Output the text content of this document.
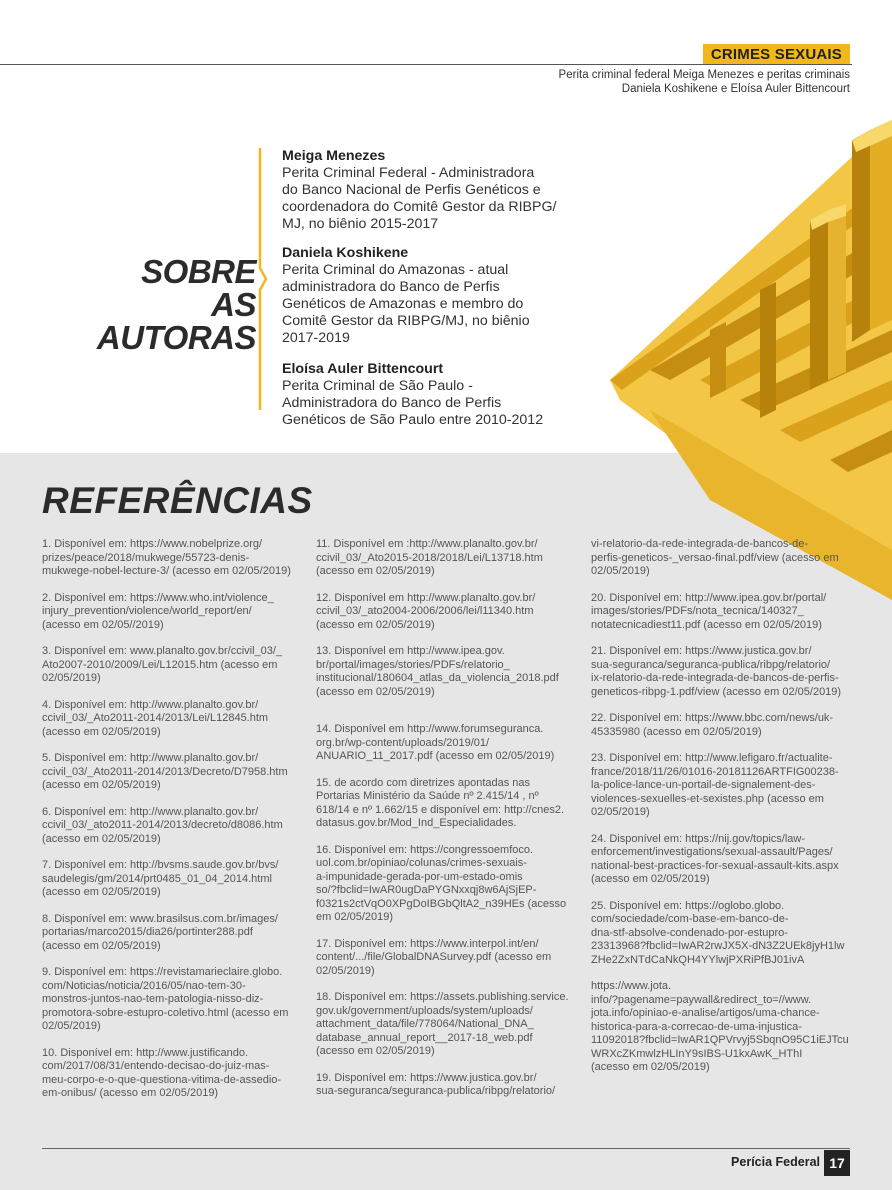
CRIMES SEXUAIS
Perita criminal federal Meiga Menezes e peritas criminais
Daniela Koshikene e Eloísa Auler Bittencourt
SOBRE AS
AUTORAS
Meiga Menezes
Perita Criminal Federal - Administradora
do Banco Nacional de Perfis Genéticos e
coordenadora do Comitê Gestor da RIBPG/
MJ, no biênio 2015-2017
Daniela Koshikene
Perita Criminal do Amazonas - atual
administradora do Banco de Perfis
Genéticos de Amazonas e membro do
Comitê Gestor da RIBPG/MJ, no biênio
2017-2019
Eloísa Auler Bittencourt
Perita Criminal de São Paulo -
Administradora do Banco de Perfis
Genéticos de São Paulo entre 2010-2012
REFERÊNCIAS
1. Disponível em: https://www.nobelprize.org/
prizes/peace/2018/mukwege/55723-denis-
mukwege-nobel-lecture-3/ (acesso em 02/05/2019)
2. Disponível em: https://www.who.int/violence_
injury_prevention/violence/world_report/en/
(acesso em 02/05//2019)
3. Disponível em: www.planalto.gov.br/ccivil_03/_
Ato2007-2010/2009/Lei/L12015.htm (acesso em
02/05/2019)
4. Disponível em: http://www.planalto.gov.br/
ccivil_03/_Ato2011-2014/2013/Lei/L12845.htm
(acesso em 02/05/2019)
5. Disponível em: http://www.planalto.gov.br/
ccivil_03/_Ato2011-2014/2013/Decreto/D7958.htm
(acesso em 02/05/2019)
6. Disponível em: http://www.planalto.gov.br/
ccivil_03/_ato2011-2014/2013/decreto/d8086.htm
(acesso em 02/05/2019)
7. Disponível em: http://bvsms.saude.gov.br/bvs/
saudelegis/gm/2014/prt0485_01_04_2014.html
(acesso em 02/05/2019)
8. Disponível em: www.brasilsus.com.br/images/
portarias/marco2015/dia26/portinter288.pdf
(acesso em 02/05/2019)
9. Disponível em: https://revistamarieclaire.globo.
com/Noticias/noticia/2016/05/nao-tem-30-
monstros-juntos-nao-tem-patologia-nisso-diz-
promotora-sobre-estupro-coletivo.html (acesso em
02/05/2019)
10. Disponível em: http://www.justificando.
com/2017/08/31/entendo-decisao-do-juiz-mas-
meu-corpo-e-o-que-questiona-vitima-de-assedio-
em-onibus/ (acesso em 02/05/2019)
11. Disponível em :http://www.planalto.gov.br/
ccivil_03/_Ato2015-2018/2018/Lei/L13718.htm
(acesso em 02/05/2019)
12. Disponível em http://www.planalto.gov.br/
ccivil_03/_ato2004-2006/2006/lei/l11340.htm
(acesso em 02/05/2019)
13. Disponível em http://www.ipea.gov.
br/portal/images/stories/PDFs/relatorio_
institucional/180604_atlas_da_violencia_2018.pdf
(acesso em 02/05/2019)
14. Disponível em http://www.forumseguranca.
org.br/wp-content/uploads/2019/01/
ANUARIO_11_2017.pdf (acesso em 02/05/2019)
15. de acordo com diretrizes apontadas nas
Portarias Ministério da Saúde nº 2.415/14 , nº
618/14 e nº 1.662/15 e disponível em: http://cnes2.
datasus.gov.br/Mod_Ind_Especialidades.
16. Disponível em: https://congressoemfoco.
uol.com.br/opiniao/colunas/crimes-sexuais-
a-impunidade-gerada-por-um-estado-omis
so/?fbclid=IwAR0ugDaPYGNxxqj8w6AjSjEP-
f0321s2ctVqO0XPgDoIBGbQltA2_n39HEs (acesso
em 02/05/2019)
17. Disponível em: https://www.interpol.int/en/
content/.../file/GlobalDNASurvey.pdf (acesso em
02/05/2019)
18. Disponível em: https://assets.publishing.service.
gov.uk/government/uploads/system/uploads/
attachment_data/file/778064/National_DNA_
database_annual_report__2017-18_web.pdf
(acesso em 02/05/2019)
19. Disponível em: https://www.justica.gov.br/
sua-seguranca/seguranca-publica/ribpg/relatorio/
vi-relatorio-da-rede-integrada-de-bancos-de-
perfis-geneticos-_versao-final.pdf/view (acesso em
02/05/2019)
20. Disponível em: http://www.ipea.gov.br/portal/
images/stories/PDFs/nota_tecnica/140327_
notatecnicadiest11.pdf (acesso em 02/05/2019)
21. Disponível em: https://www.justica.gov.br/
sua-seguranca/seguranca-publica/ribpg/relatorio/
ix-relatorio-da-rede-integrada-de-bancos-de-perfis-
geneticos-ribpg-1.pdf/view (acesso em 02/05/2019)
22. Disponível em: https://www.bbc.com/news/uk-
45335980 (acesso em 02/05/2019)
23. Disponível em: http://www.lefigaro.fr/actualite-
france/2018/11/26/01016-20181126ARTFIG00238-
la-police-lance-un-portail-de-signalement-des-
violences-sexuelles-et-sexistes.php (acesso em
02/05/2019)
24. Disponível em: https://nij.gov/topics/law-
enforcement/investigations/sexual-assault/Pages/
national-best-practices-for-sexual-assault-kits.aspx
(acesso em 02/05/2019)
25. Disponível em: https://oglobo.globo.
com/sociedade/com-base-em-banco-de-
dna-stf-absolve-condenado-por-estupro-
23313968?fbclid=IwAR2rwJX5X-dN3Z2UEk8jyH1lw
ZHe2ZxNTdCaNkQH4YYlwjPXRiPfBJ01ivA
https://www.jota.
info/?pagename=paywall&redirect_to=//www.
jota.info/opiniao-e-analise/artigos/uma-chance-
historica-para-a-correcao-de-uma-injustica-
11092018?fbclid=IwAR1QPVrvyj5SbqnO95C1iEJTcu
WRXcZKmwlzHLInY9sIBS-U1kxAwK_HThI
(acesso em 02/05/2019)
Perícia Federal 17
